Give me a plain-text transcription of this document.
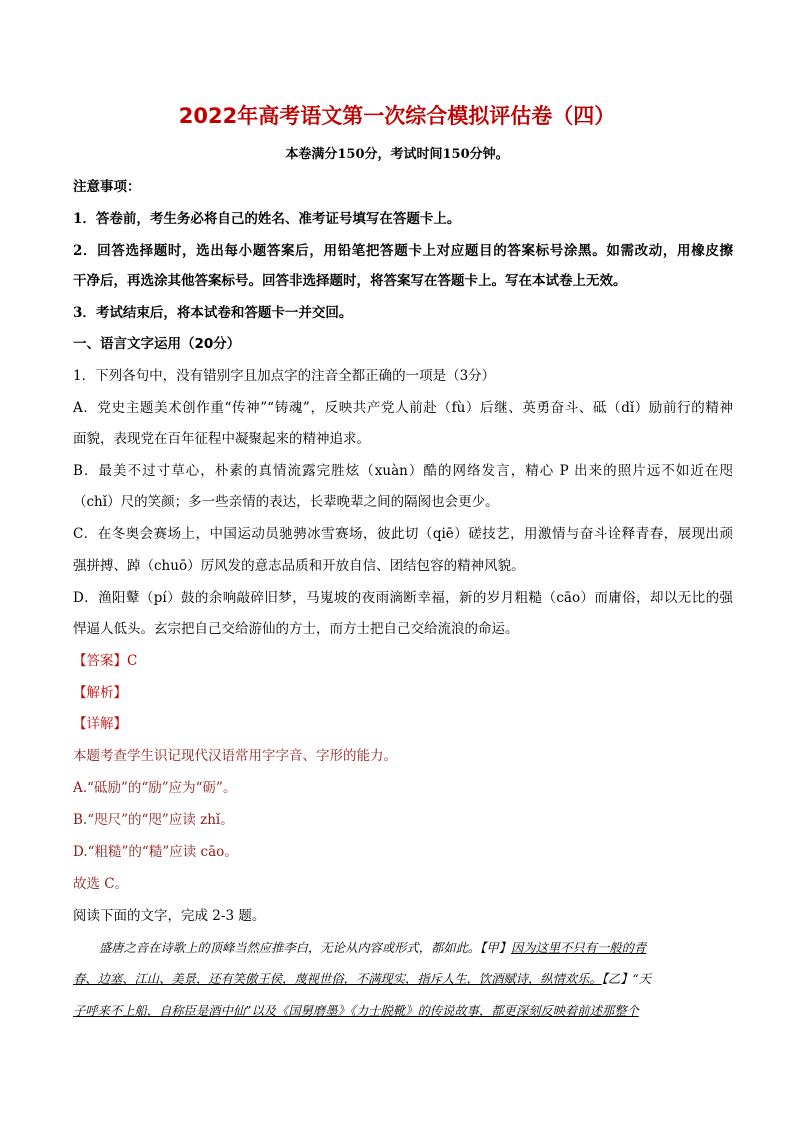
2022年高考语文第一次综合模拟评估卷（四）
本卷满分150分，考试时间150分钟。
注意事项：
1．答卷前，考生务必将自己的姓名、准考证号填写在答题卡上。
2．回答选择题时，选出每小题答案后，用铅笔把答题卡上对应题目的答案标号涂黑。如需改动，用橡皮擦
干净后，再选涂其他答案标号。回答非选择题时，将答案写在答题卡上。写在本试卷上无效。
3．考试结束后，将本试卷和答题卡一并交回。
一、语言文字运用（20分）
1．下列各句中，没有错别字且加点字的注音全都正确的一项是（3分）
A．党史主题美术创作重“传神”“铸魂”，反映共产党人前赴（fù）后继、英勇奋斗、砥（dǐ）励前行的精神
面貌，表现党在百年征程中凝聚起来的精神追求。
B．最美不过寸草心，朴素的真情流露完胜炫（xuàn）酷的网络发言，精心 P 出来的照片远不如近在咫
（chǐ）尺的笑颜；多一些亲情的表达，长辈晚辈之间的隔阂也会更少。
C．在冬奥会赛场上，中国运动员驰骋冰雪赛场，彼此切（qiē）磋技艺，用激情与奋斗诠释青春，展现出顽
强拼搏、踔（chuō）厉风发的意志品质和开放自信、团结包容的精神风貌。
D．渔阳鼙（pí）鼓的余响敲碎旧梦，马嵬坡的夜雨滴断幸福，新的岁月粗糙（cāo）而庸俗，却以无比的强
悍逼人低头。玄宗把自己交给游仙的方士，而方士把自己交给流浪的命运。
【答案】C
【解析】
【详解】
本题考查学生识记现代汉语常用字字音、字形的能力。
A.“砥励”的“励”应为“砺”。
B.“咫尺”的“咫”应读 zhǐ。
D.“粗糙”的“糙”应读 cāo。
故选 C。
阅读下面的文字，完成 2-3 题。
盛唐之音在诗歌上的顶峰当然应推李白，无论从内容或形式，都如此。【甲】因为这里不只有一般的青
春、边塞、江山、美景，还有笑傲王侯，蔑视世俗，不满现实，指斥人生，饮酒赋诗，纵情欢乐。【乙】“天
子呼来不上船，自称臣是酒中仙”以及《国舅磨墨》《力士脱靴》的传说故事，都更深刻反映着前述那整个
